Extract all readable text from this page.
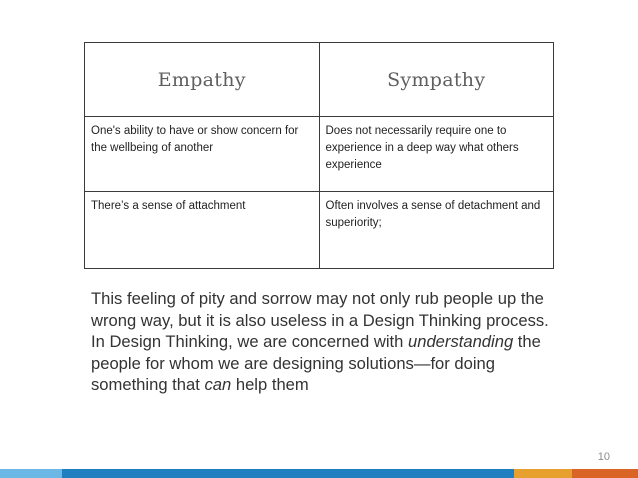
Empathy	Sympathy

One's ability to have or show concern for the wellbeing of another	Does not necessarily require one to experience in a deep way what others experience

There’s a sense of attachment	Often involves a sense of detachment and superiority;

This feeling of pity and sorrow may not only rub people up the wrong way, but it is also useless in a Design Thinking process. In Design Thinking, we are concerned with understanding the people for whom we are designing solutions—for doing something that can help them

10
